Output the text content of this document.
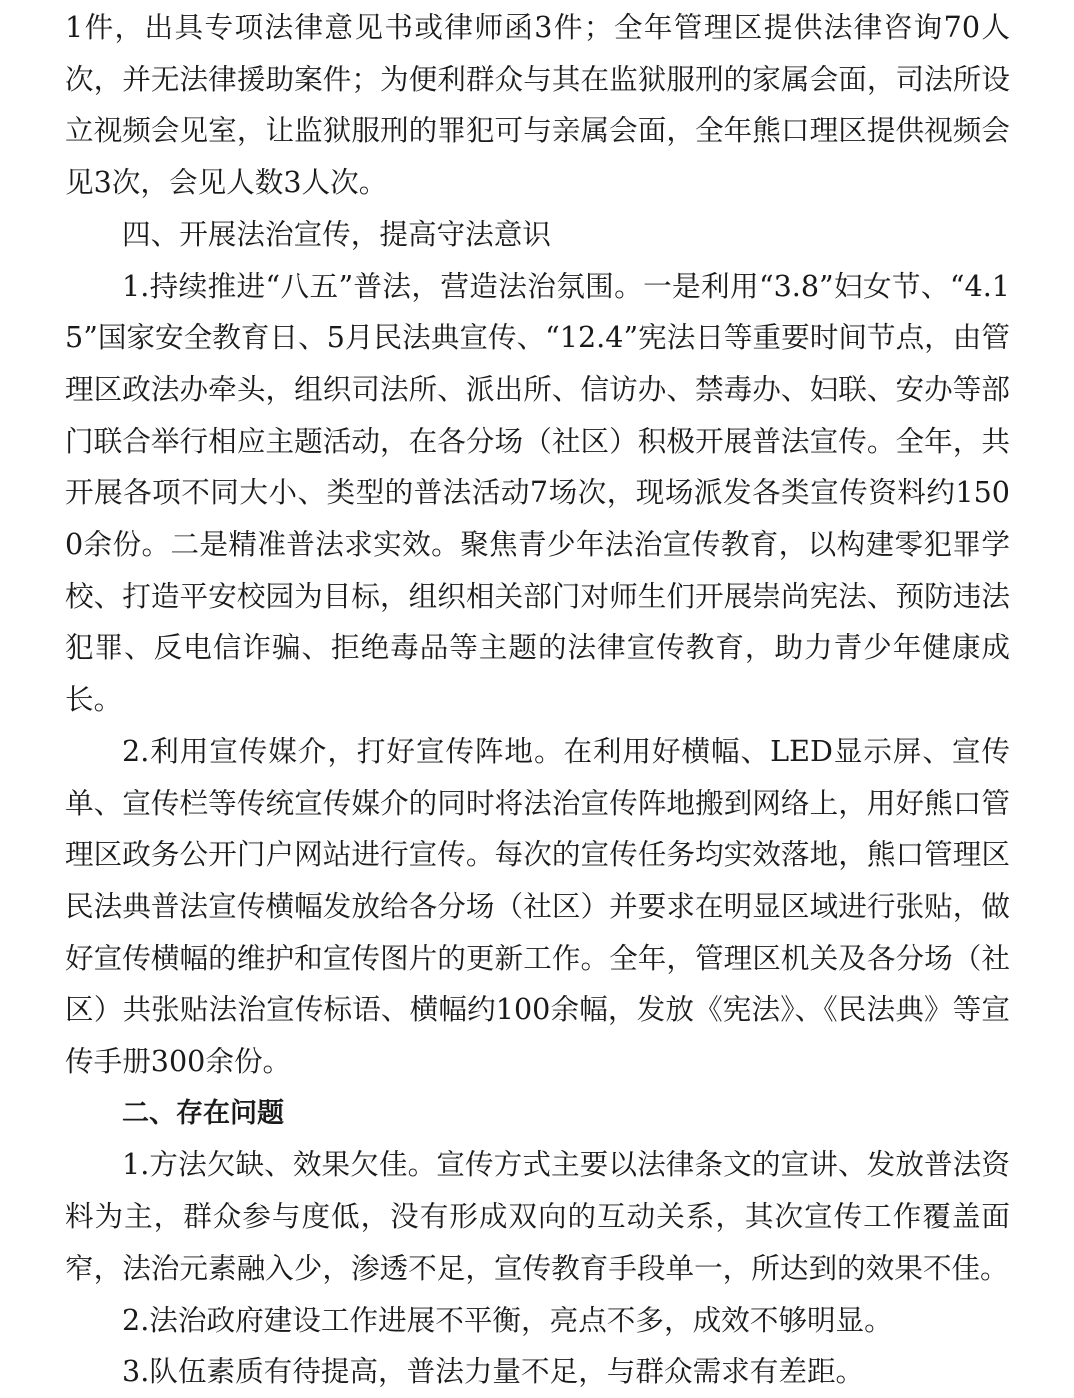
1件，出具专项法律意见书或律师函3件；全年管理区提供法律咨询70人次，并无法律援助案件；为便利群众与其在监狱服刑的家属会面，司法所设立视频会见室，让监狱服刑的罪犯可与亲属会面，全年熊口理区提供视频会见3次，会见人数3人次。

四、开展法治宣传，提高守法意识

1.持续推进“八五”普法，营造法治氛围。一是利用“3.8”妇女节、“4.15”国家安全教育日、5月民法典宣传、“12.4”宪法日等重要时间节点，由管理区政法办牵头，组织司法所、派出所、信访办、禁毒办、妇联、安办等部门联合举行相应主题活动，在各分场（社区）积极开展普法宣传。全年，共开展各项不同大小、类型的普法活动7场次，现场派发各类宣传资料约1500余份。二是精准普法求实效。聚焦青少年法治宣传教育，以构建零犯罪学校、打造平安校园为目标，组织相关部门对师生们开展崇尚宪法、预防违法犯罪、反电信诈骗、拒绝毒品等主题的法律宣传教育，助力青少年健康成长。

2.利用宣传媒介，打好宣传阵地。在利用好横幅、LED显示屏、宣传单、宣传栏等传统宣传媒介的同时将法治宣传阵地搬到网络上，用好熊口管理区政务公开门户网站进行宣传。每次的宣传任务均实效落地，熊口管理区民法典普法宣传横幅发放给各分场（社区）并要求在明显区域进行张贴，做好宣传横幅的维护和宣传图片的更新工作。全年，管理区机关及各分场（社区）共张贴法治宣传标语、横幅约100余幅，发放《宪法》、《民法典》等宣传手册300余份。

二、存在问题

1.方法欠缺、效果欠佳。宣传方式主要以法律条文的宣讲、发放普法资料为主，群众参与度低，没有形成双向的互动关系，其次宣传工作覆盖面窄，法治元素融入少，渗透不足，宣传教育手段单一，所达到的效果不佳。

2.法治政府建设工作进展不平衡，亮点不多，成效不够明显。

3.队伍素质有待提高，普法力量不足，与群众需求有差距。
